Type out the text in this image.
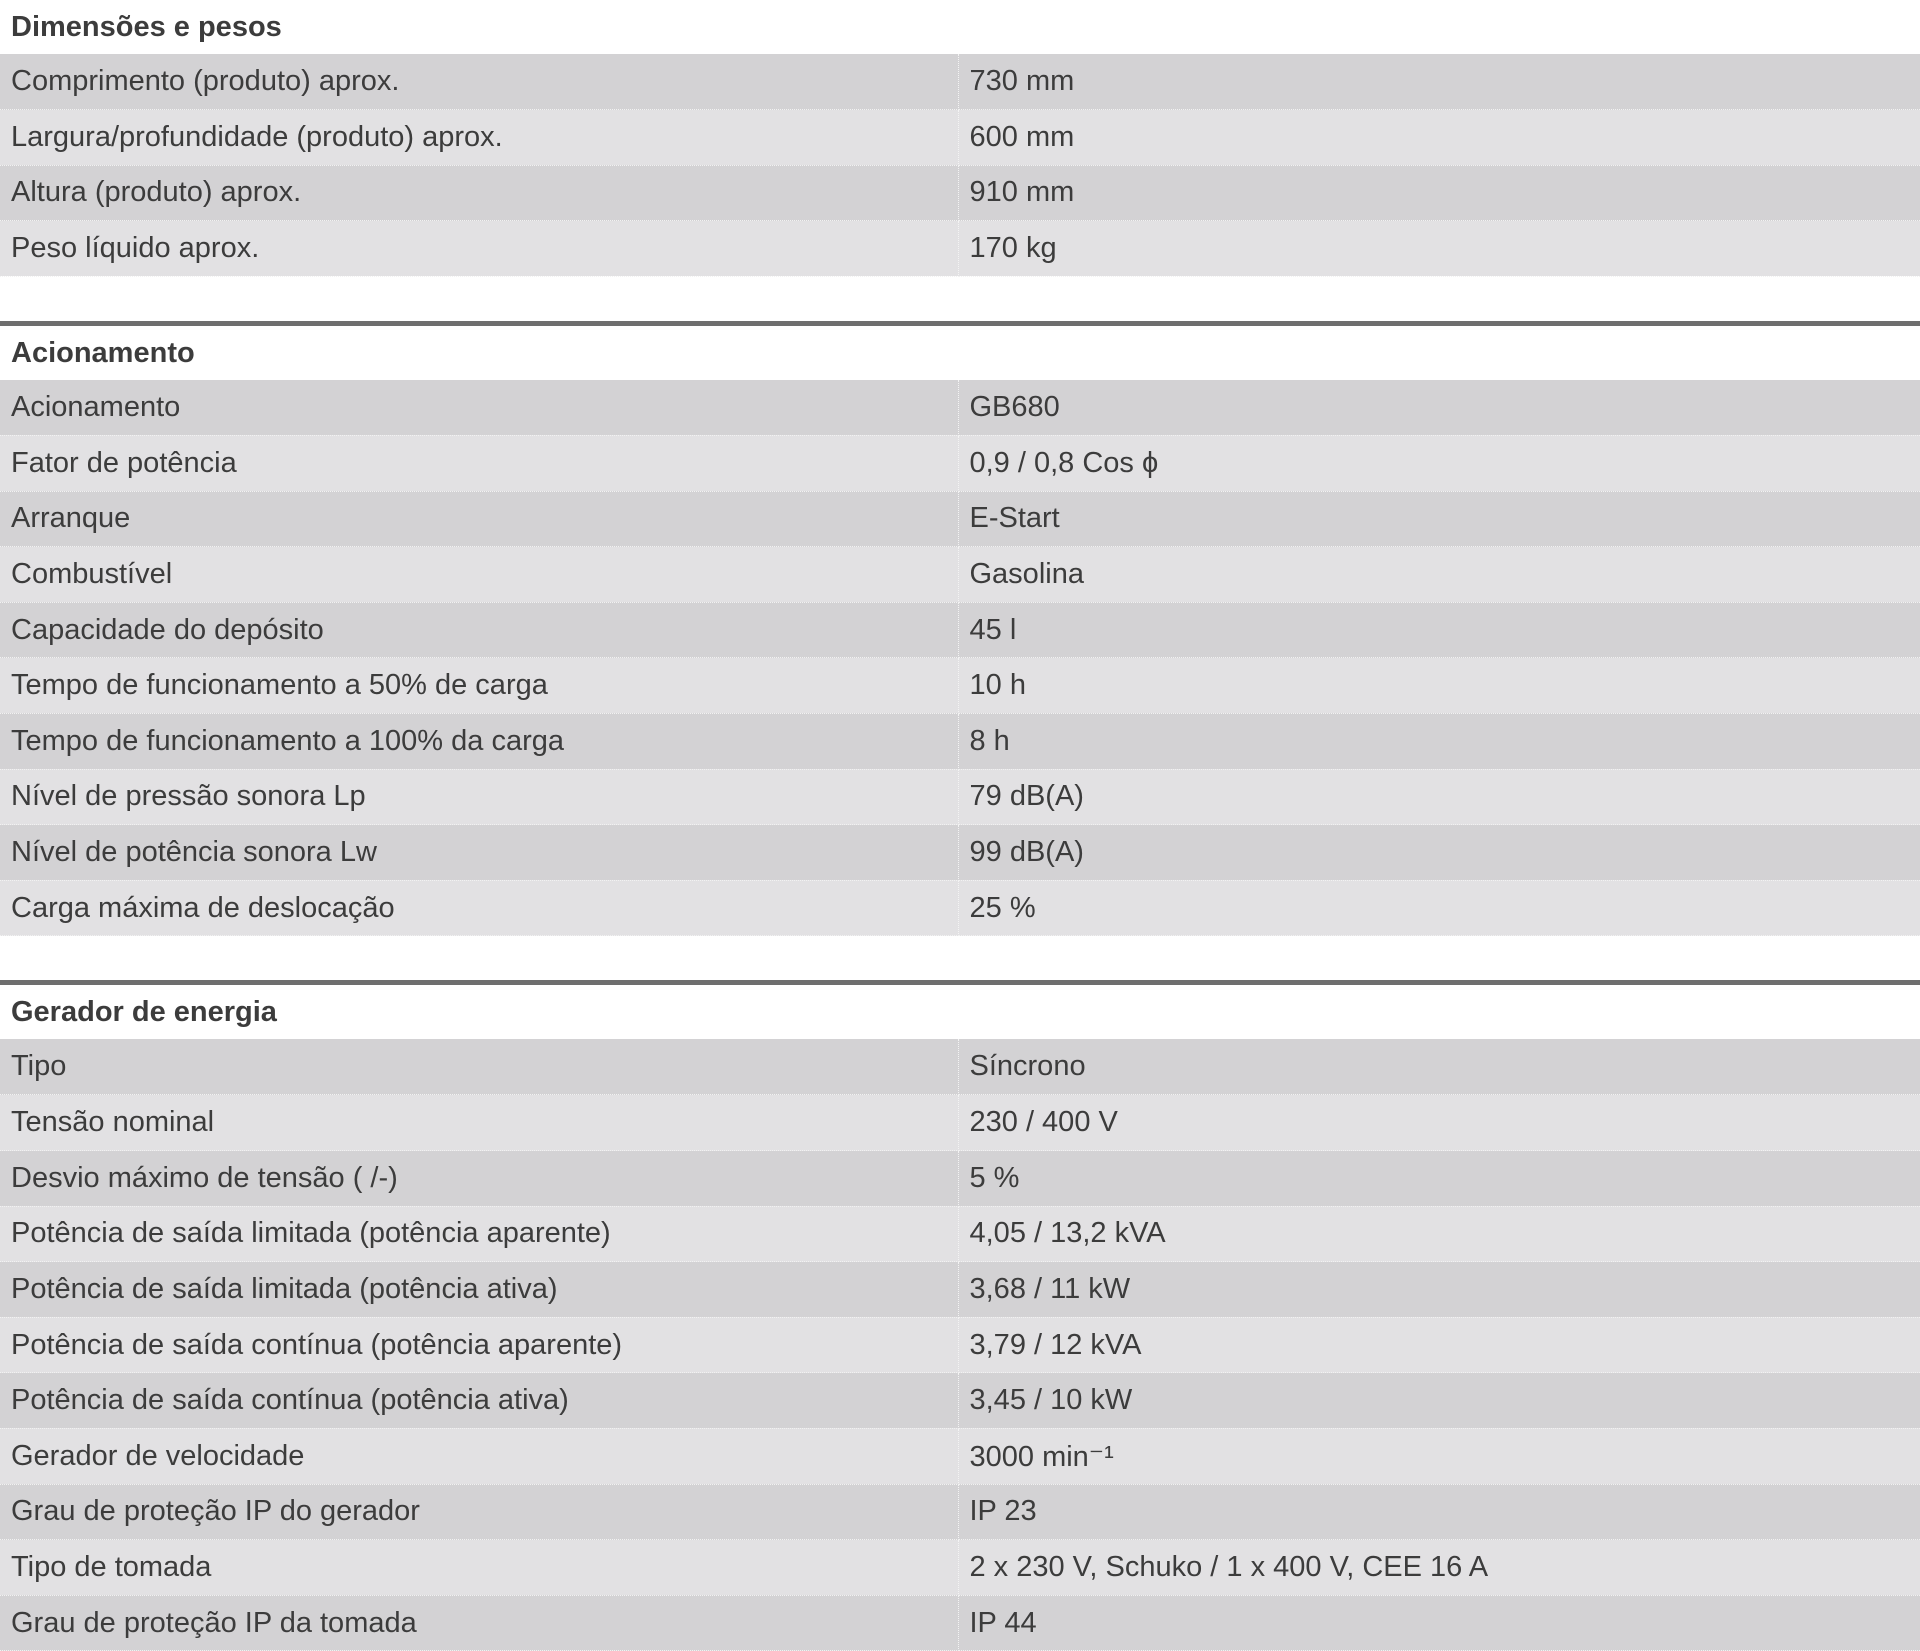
Dimensões e pesos
Comprimento (produto) aprox.	730 mm
Largura/profundidade (produto) aprox.	600 mm
Altura (produto) aprox.	910 mm
Peso líquido aprox.	170 kg
Acionamento
Acionamento	GB680
Fator de potência	0,9 / 0,8 Cos ϕ
Arranque	E-Start
Combustível	Gasolina
Capacidade do depósito	45 l
Tempo de funcionamento a 50% de carga	10 h
Tempo de funcionamento a 100% da carga	8 h
Nível de pressão sonora Lp	79 dB(A)
Nível de potência sonora Lw	99 dB(A)
Carga máxima de deslocação	25 %
Gerador de energia
Tipo	Síncrono
Tensão nominal	230 / 400 V
Desvio máximo de tensão ( /-)	5 %
Potência de saída limitada (potência aparente)	4,05 / 13,2 kVA
Potência de saída limitada (potência ativa)	3,68 / 11 kW
Potência de saída contínua (potência aparente)	3,79 / 12 kVA
Potência de saída contínua (potência ativa)	3,45 / 10 kW
Gerador de velocidade	3000 min⁻¹
Grau de proteção IP do gerador	IP 23
Tipo de tomada	2 x 230 V, Schuko / 1 x 400 V, CEE 16 A
Grau de proteção IP da tomada	IP 44
